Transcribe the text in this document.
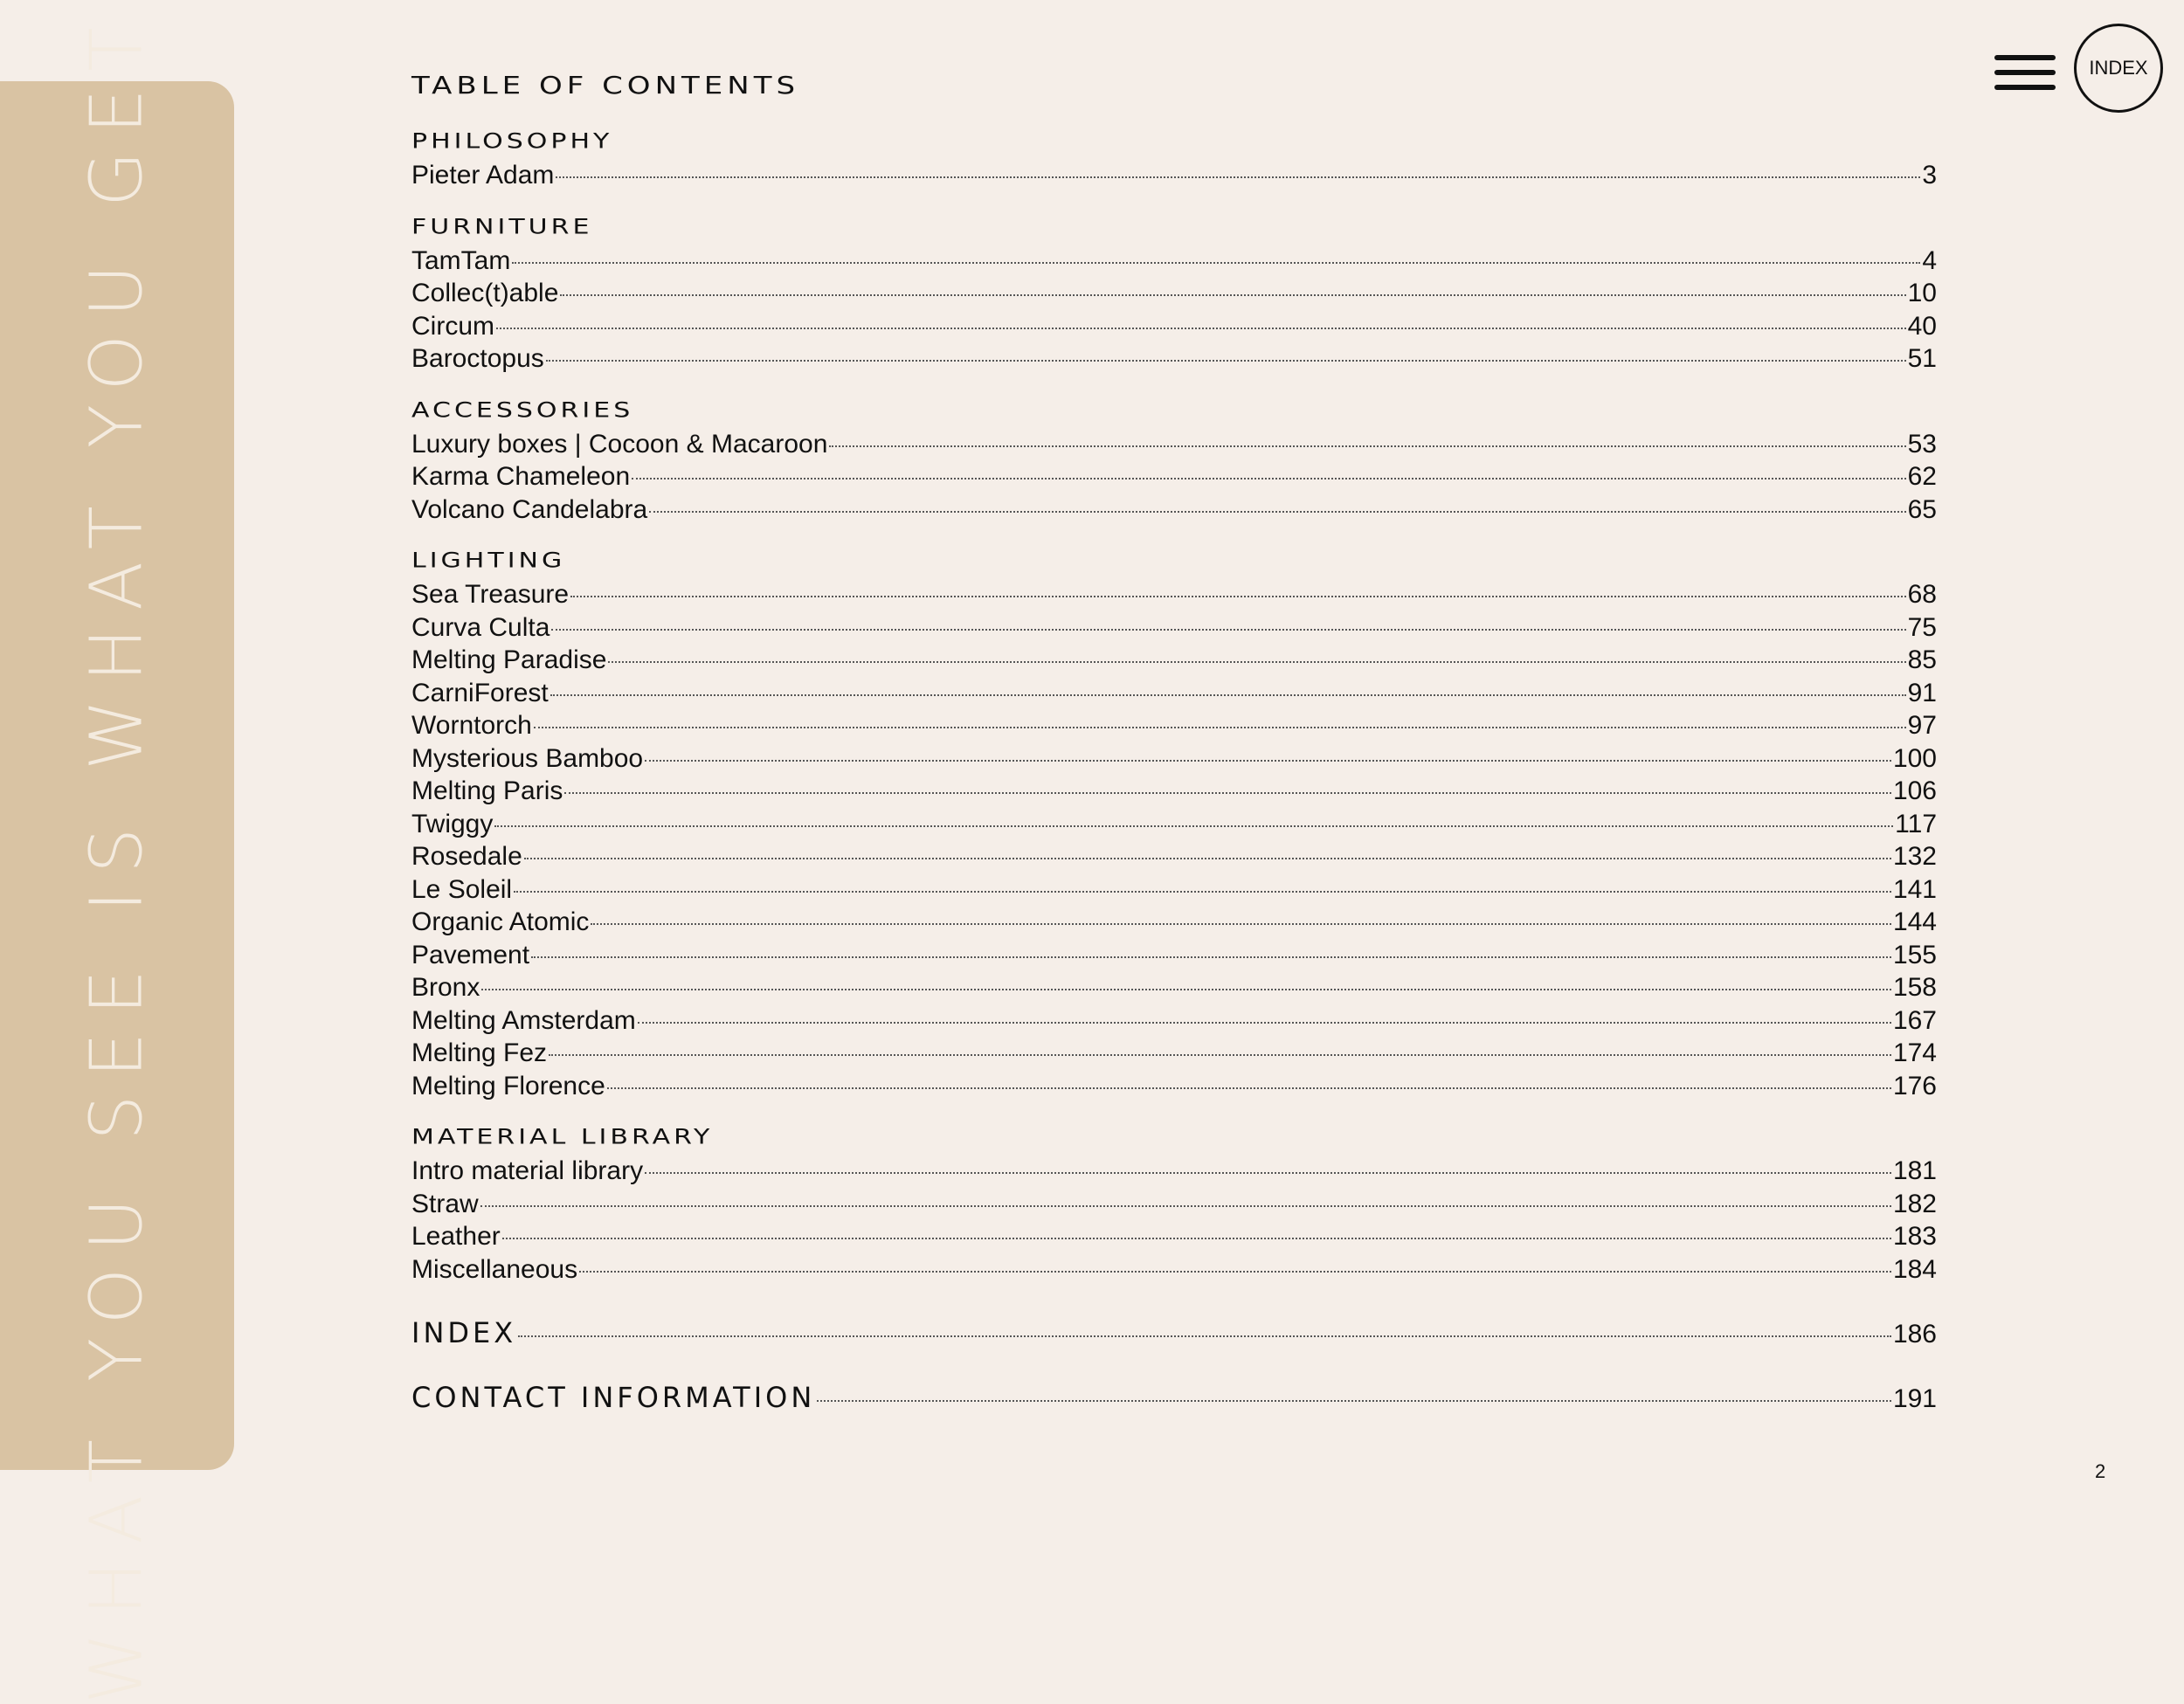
WHAT YOU SEE IS WHAT YOU GET	INDEX
TABLE OF CONTENTS
PHILOSOPHY
Pieter Adam	3
FURNITURE
TamTam	4
Collec(t)able	10
Circum	40
Baroctopus	51
ACCESSORIES
Luxury boxes | Cocoon & Macaroon	53
Karma Chameleon	62
Volcano Candelabra	65
LIGHTING
Sea Treasure	68
Curva Culta	75
Melting Paradise	85
CarniForest	91
Worntorch	97
Mysterious Bamboo	100
Melting Paris	106
Twiggy	117
Rosedale	132
Le Soleil	141
Organic Atomic	144
Pavement	155
Bronx	158
Melting Amsterdam	167
Melting Fez	174
Melting Florence	176
MATERIAL LIBRARY
Intro material library	181
Straw	182
Leather	183
Miscellaneous	184
INDEX	186
CONTACT INFORMATION	191
2
